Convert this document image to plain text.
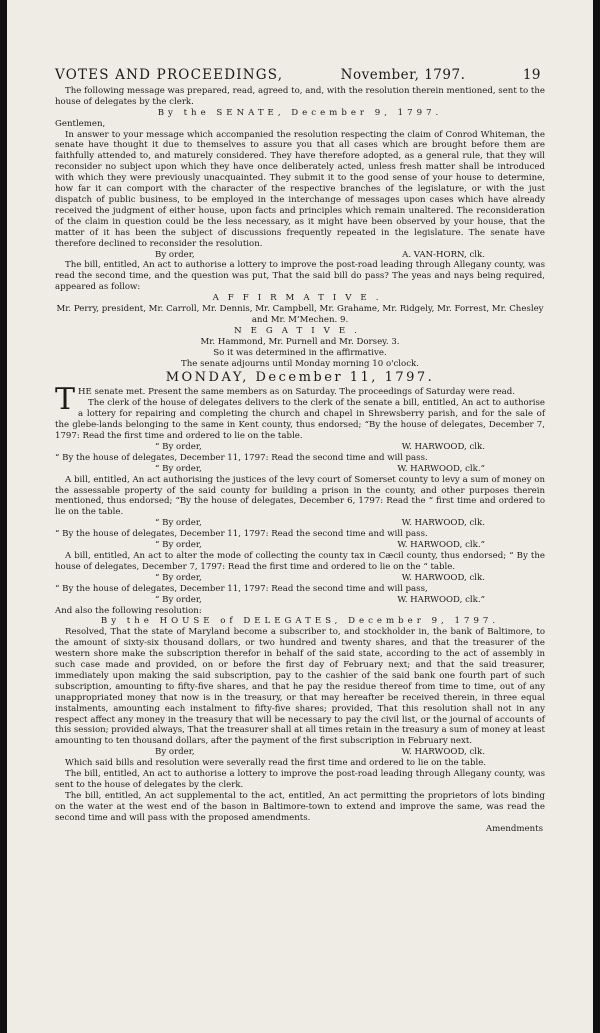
VOTES AND PROCEEDINGS,	November, 1797.	19

The following message was prepared, read, agreed to, and, with the resolution therein mentioned, sent to the house of delegates by the clerk.

By the SENATE, December 9, 1797.

Gentlemen,

In answer to your message which accompanied the resolution respecting the claim of Conrod Whiteman, the senate have thought it due to themselves to assure you that all cases which are brought before them are faithfully attended to, and maturely considered. They have therefore adopted, as a general rule, that they will reconsider no subject upon which they have once deliberately acted, unless fresh matter shall be introduced with which they were previously unacquainted. They submit it to the good sense of your house to determine, how far it can comport with the character of the respective branches of the legislature, or with the just dispatch of public business, to be employed in the interchange of messages upon cases which have already received the judgment of either house, upon facts and principles which remain unaltered. The reconsideration of the claim in question could be the less necessary, as it might have been observed by your house, that the matter of it has been the subject of discussions frequently repeated in the legislature. The senate have therefore declined to reconsider the resolution.

By order,	A. VAN-HORN, clk.

The bill, entitled, An act to authorise a lottery to improve the post-road leading through Allegany county, was read the second time, and the question was put, That the said bill do pass? The yeas and nays being required, appeared as follow:

AFFIRMATIVE.

Mr. Perry, president, Mr. Carroll, Mr. Dennis, Mr. Campbell, Mr. Grahame, Mr. Ridgely, Mr. Forrest, Mr. Chesley and Mr. M‘Mechen. 9.

NEGATIVE.

Mr. Hammond, Mr. Purnell and Mr. Dorsey. 3.

So it was determined in the affirmative.

The senate adjourns until Monday morning 10 o'clock.

MONDAY, December 11, 1797.

THE senate met. Present the same members as on Saturday. The proceedings of Saturday were read.

The clerk of the house of delegates delivers to the clerk of the senate a bill, entitled, An act to authorise a lottery for repairing and completing the church and chapel in Shrewsberry parish, and for the sale of the glebe-lands belonging to the same in Kent county, thus endorsed; “By the house of delegates, December 7, 1797: Read the first time and ordered to lie on the table.

“ By order,	W. HARWOOD, clk.

“ By the house of delegates, December 11, 1797: Read the second time and will pass.

“ By order,	W. HARWOOD, clk.”

A bill, entitled, An act authorising the justices of the levy court of Somerset county to levy a sum of money on the assessable property of the said county for building a prison in the county, and other purposes therein mentioned, thus endorsed; “By the house of delegates, December 6, 1797: Read the “ first time and ordered to lie on the table.

“ By order,	W. HARWOOD, clk.

“ By the house of delegates, December 11, 1797: Read the second time and will pass.

“ By order,	W. HARWOOD, clk.”

A bill, entitled, An act to alter the mode of collecting the county tax in Cæcil county, thus endorsed; “ By the house of delegates, December 7, 1797: Read the first time and ordered to lie on the “ table.

“ By order,	W. HARWOOD, clk.

“ By the house of delegates, December 11, 1797: Read the second time and will pass,

“ By order,	W. HARWOOD, clk.”

And also the following resolution:

By the HOUSE of DELEGATES, December 9, 1797.

Resolved, That the state of Maryland become a subscriber to, and stockholder in, the bank of Baltimore, to the amount of sixty-six thousand dollars, or two hundred and twenty shares, and that the treasurer of the western shore make the subscription therefor in behalf of the said state, according to the act of assembly in such case made and provided, on or before the first day of February next; and that the said treasurer, immediately upon making the said subscription, pay to the cashier of the said bank one fourth part of such subscription, amounting to fifty-five shares, and that he pay the residue thereof from time to time, out of any unappropriated money that now is in the treasury, or that may hereafter be received therein, in three equal instalments, amounting each instalment to fifty-five shares; provided, That this resolution shall not in any respect affect any money in the treasury that will be necessary to pay the civil list, or the journal of accounts of this session; provided always, That the treasurer shall at all times retain in the treasury a sum of money at least amounting to ten thousand dollars, after the payment of the first subscription in February next.

By order,	W. HARWOOD, clk.

Which said bills and resolution were severally read the first time and ordered to lie on the table.

The bill, entitled, An act to authorise a lottery to improve the post-road leading through Allegany county, was sent to the house of delegates by the clerk.

The bill, entitled, An act supplemental to the act, entitled, An act permitting the proprietors of lots binding on the water at the west end of the bason in Baltimore-town to extend and improve the same, was read the second time and will pass with the proposed amendments.

Amendments
